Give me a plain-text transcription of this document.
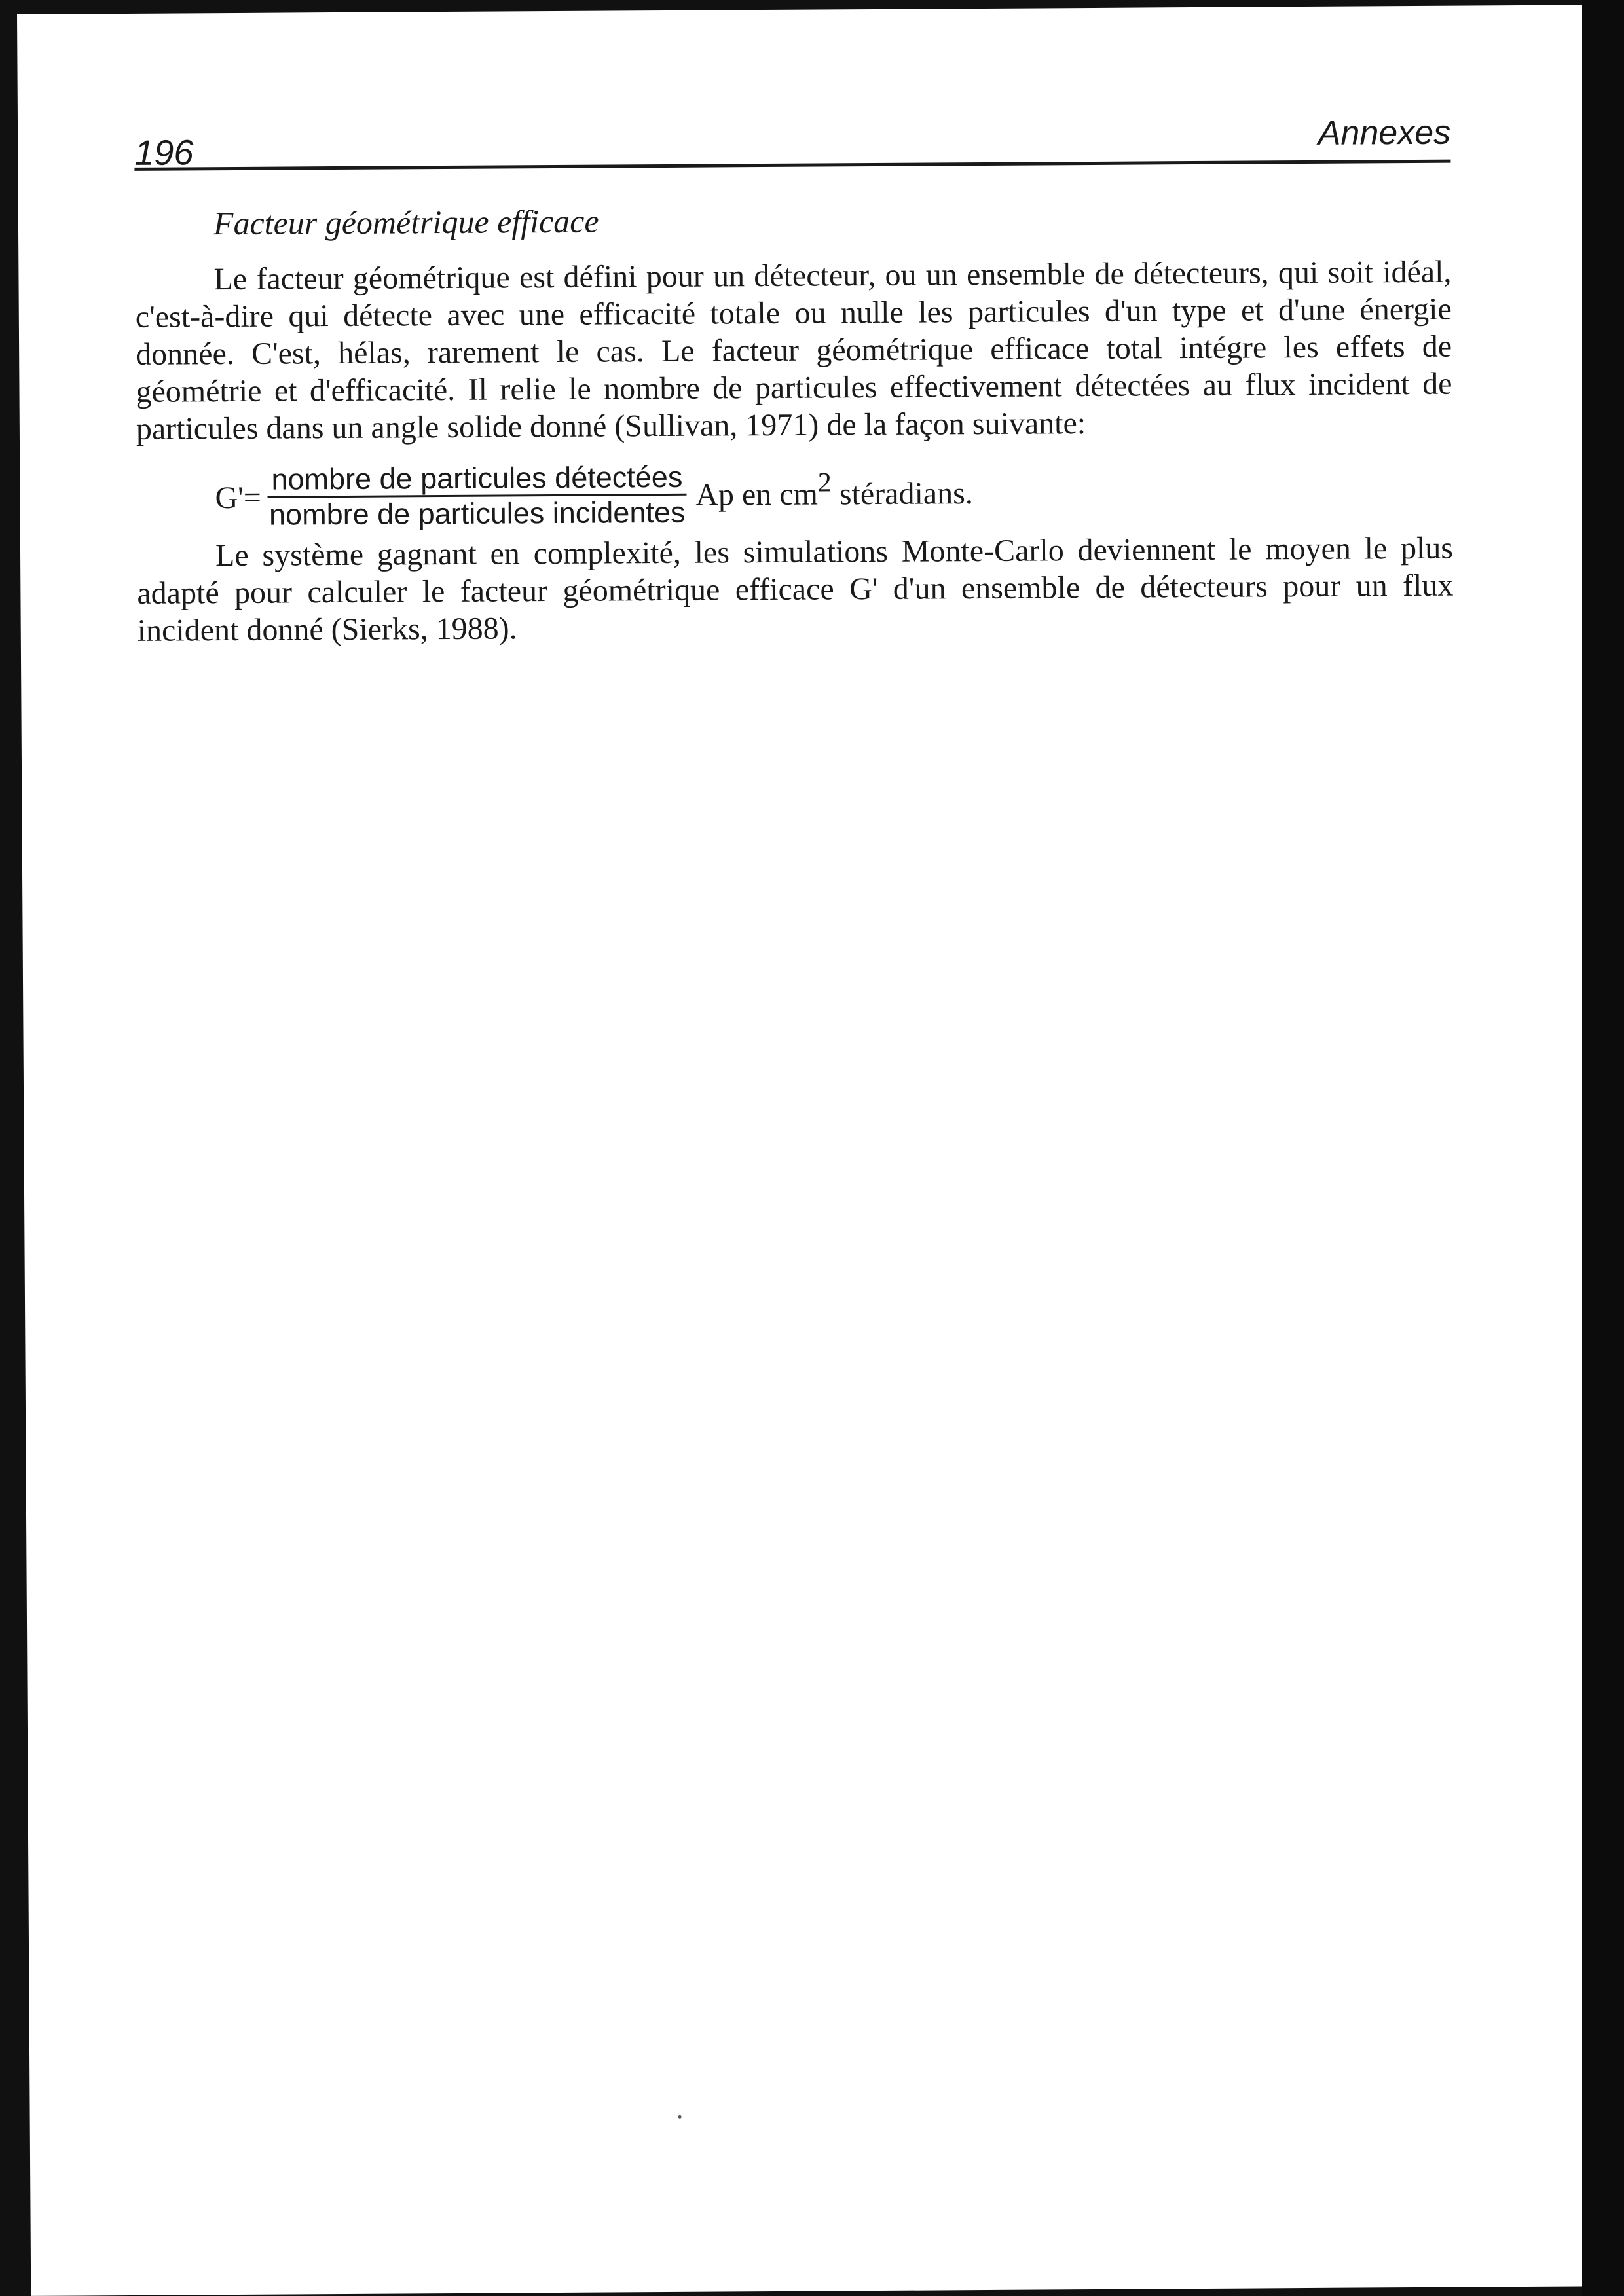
196
Annexes
Facteur géométrique efficace

Le facteur géométrique est défini pour un détecteur, ou un ensemble de détecteurs, qui soit idéal, c'est-à-dire qui détecte avec une efficacité totale ou nulle les particules d'un type et d'une énergie donnée. C'est, hélas, rarement le cas. Le facteur géométrique efficace total intégre les effets de géométrie et d'efficacité. Il relie le nombre de particules effectivement détectées au flux incident de particules dans un angle solide donné (Sullivan, 1971) de la façon suivante:

$G'= \frac{\text{nombre de particules détectées}}{\text{nombre de particules incidentes}}$ Ap en $cm^2$ stéradians.

Le système gagnant en complexité, les simulations Monte-Carlo deviennent le moyen le plus adapté pour calculer le facteur géométrique efficace G' d'un ensemble de détecteurs pour un flux incident donné (Sierks, 1988).
